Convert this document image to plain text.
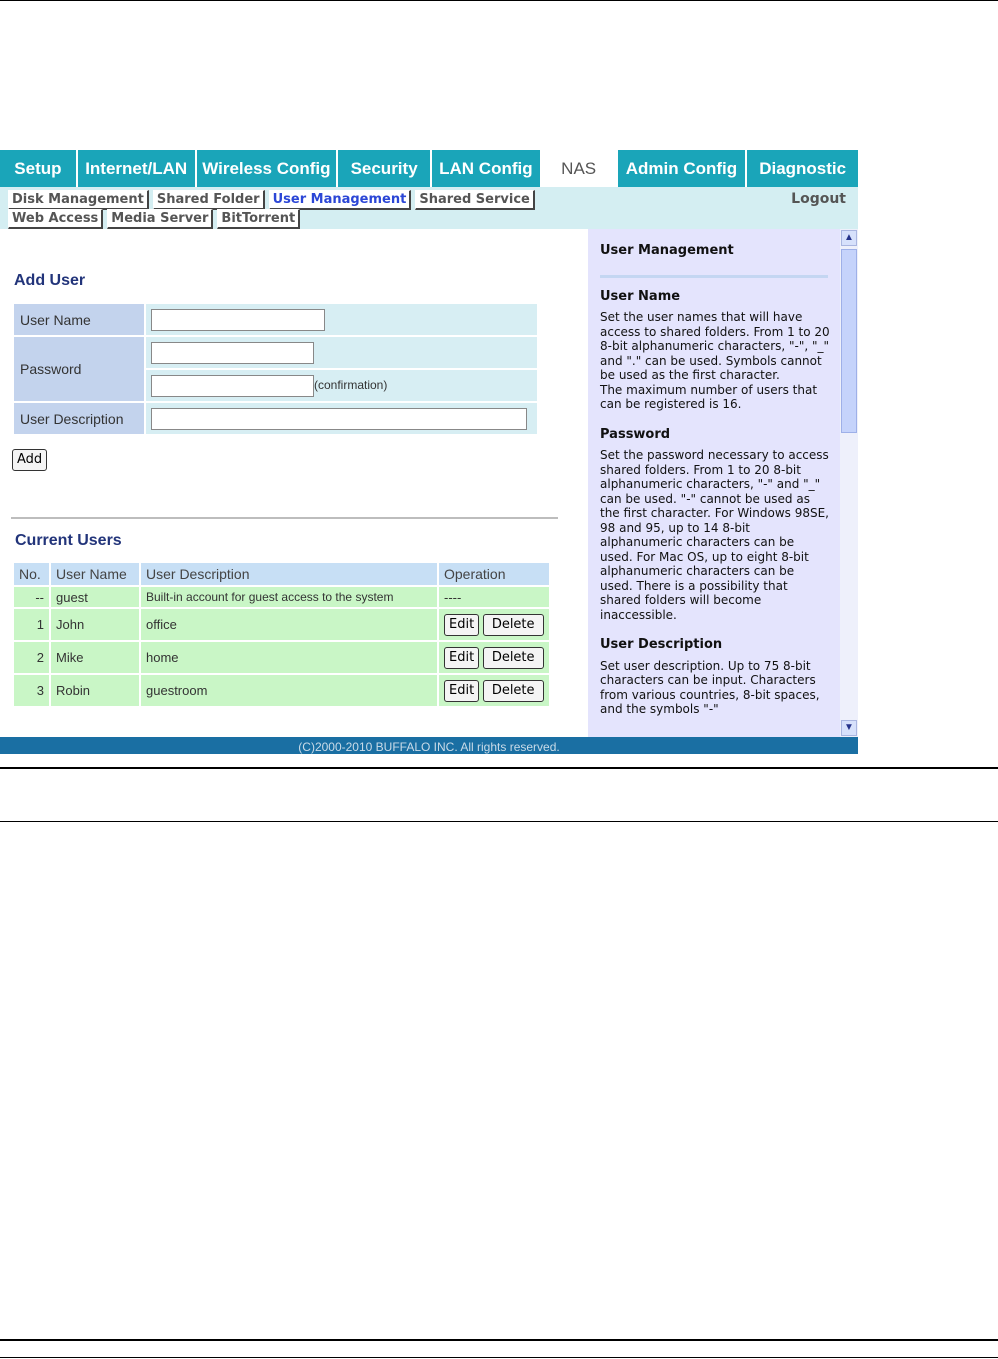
Setup	Internet/LAN Wireless Config	Security	LAN Config	NAS	Admin Config	Diagnostic
Disk Management	Shared Folder	User Management	Shared Service
Web Access	Media Server	BitTorrent
Logout
Add User
User Name	
Password	
	(confirmation)
User Description	
Add
Current Users
No.	User Name	User Description	Operation
--	guest	Built-in account for guest access to the system	----
1	John	office	Edit Delete
2	Mike	home	Edit Delete
3	Robin	guestroom	Edit Delete
User Management
User Name

Set the user names that will have access to shared folders. From 1 to 20 8-bit alphanumeric characters, "-", "_" and "." can be used. Symbols cannot be used as the first character.

The maximum number of users that can be registered is 16.

Password

Set the password necessary to access shared folders. From 1 to 20 8-bit alphanumeric characters, "-" and "_" can be used. "-" cannot be used as the first character. For Windows 98SE, 98 and 95, up to 14 8-bit alphanumeric characters can be used. For Mac OS, up to eight 8-bit alphanumeric characters can be used. There is a possibility that shared folders will become inaccessible.

User Description

Set user description. Up to 75 8-bit characters can be input. Characters from various countries, 8-bit spaces, and the symbols "-"

▲
▼
(C)2000-2010 BUFFALO INC. All rights reserved.
